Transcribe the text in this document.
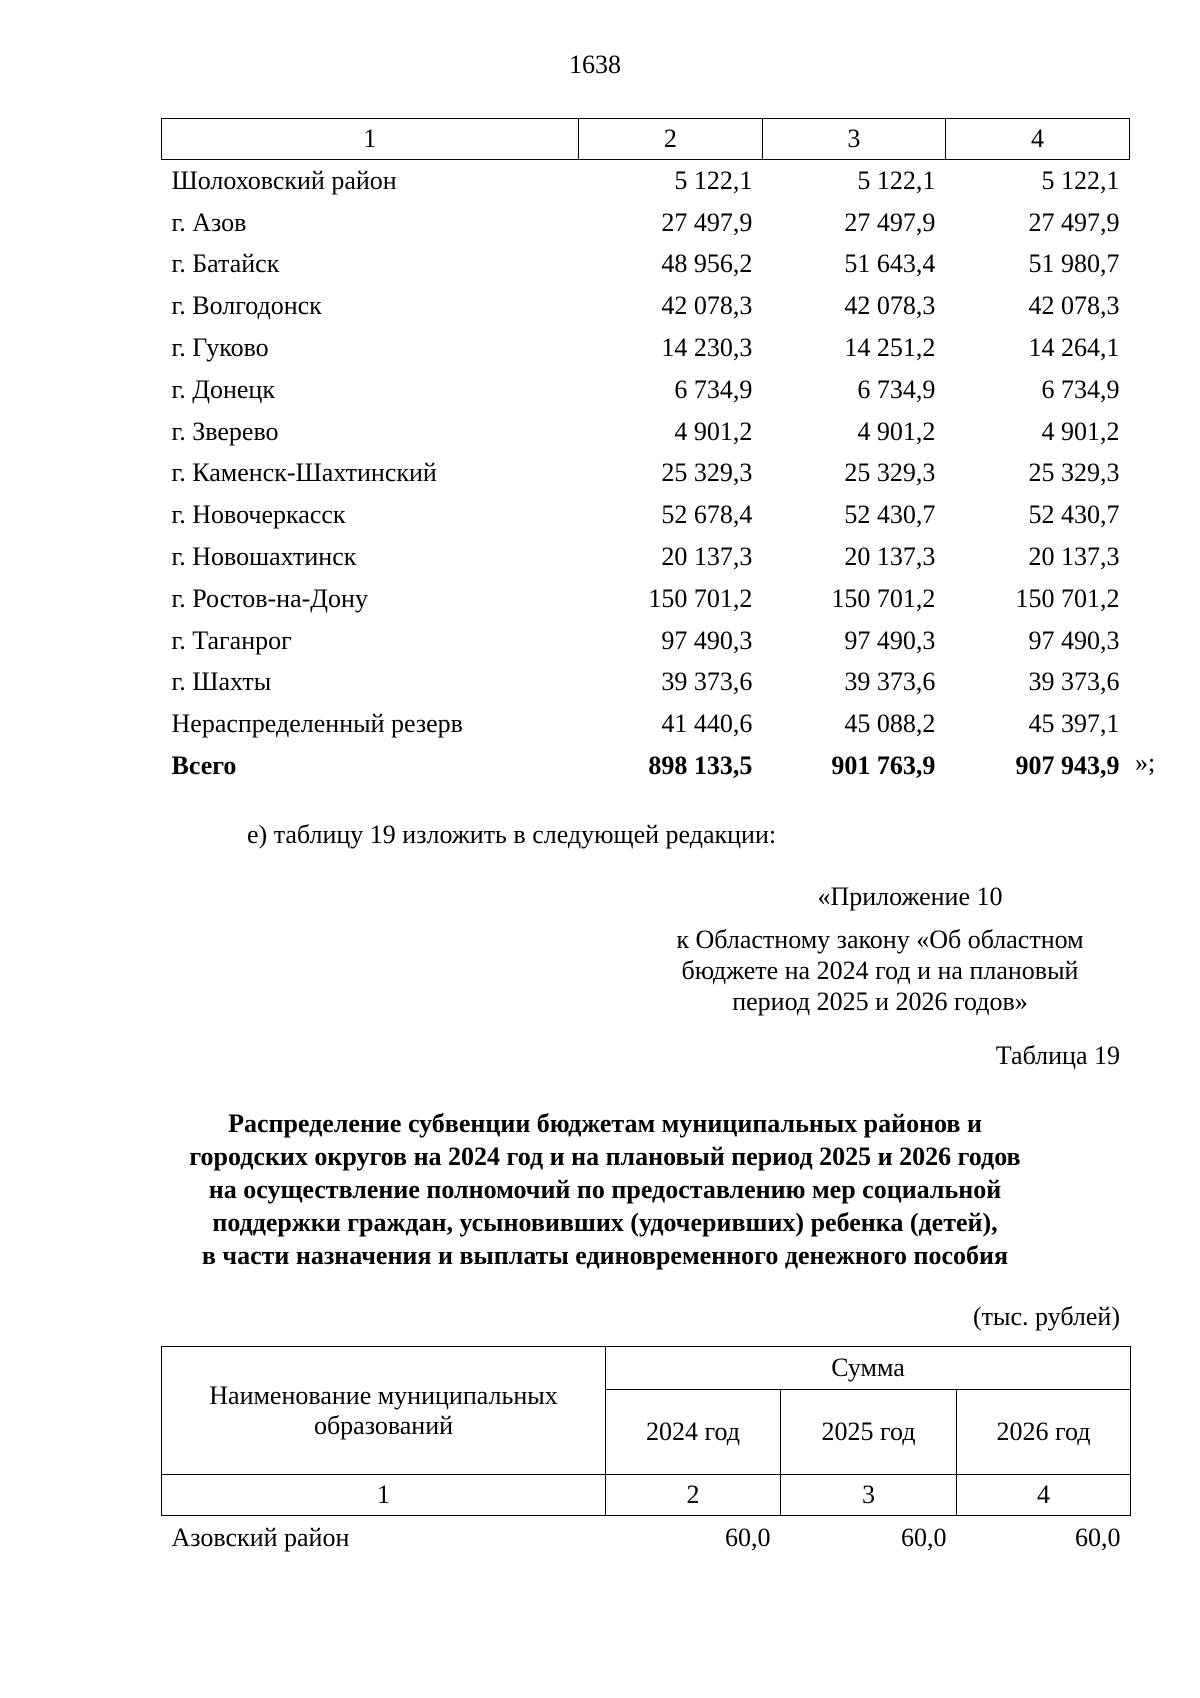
1638
1	2	3	4
Шолоховский район	5 122,1	5 122,1	5 122,1
г. Азов	27 497,9	27 497,9	27 497,9
г. Батайск	48 956,2	51 643,4	51 980,7
г. Волгодонск	42 078,3	42 078,3	42 078,3
г. Гуково	14 230,3	14 251,2	14 264,1
г. Донецк	6 734,9	6 734,9	6 734,9
г. Зверево	4 901,2	4 901,2	4 901,2
г. Каменск-Шахтинский	25 329,3	25 329,3	25 329,3
г. Новочеркасск	52 678,4	52 430,7	52 430,7
г. Новошахтинск	20 137,3	20 137,3	20 137,3
г. Ростов-на-Дону	150 701,2	150 701,2	150 701,2
г. Таганрог	97 490,3	97 490,3	97 490,3
г. Шахты	39 373,6	39 373,6	39 373,6
Нераспределенный резерв	41 440,6	45 088,2	45 397,1
Всего	898 133,5	901 763,9	907 943,9 »;
е) таблицу 19 изложить в следующей редакции:
«Приложение 10
к Областному закону «Об областном
бюджете на 2024 год и на плановый
период 2025 и 2026 годов»
Таблица 19
Распределение субвенции бюджетам муниципальных районов и
городских округов на 2024 год и на плановый период 2025 и 2026 годов
на осуществление полномочий по предоставлению мер социальной
поддержки граждан, усыновивших (удочеривших) ребенка (детей),
в части назначения и выплаты единовременного денежного пособия
(тыс. рублей)
Наименование муниципальных образований	Сумма		
	2024 год	2025 год	2026 год
1	2	3	4
Азовский район	60,0	60,0	60,0
